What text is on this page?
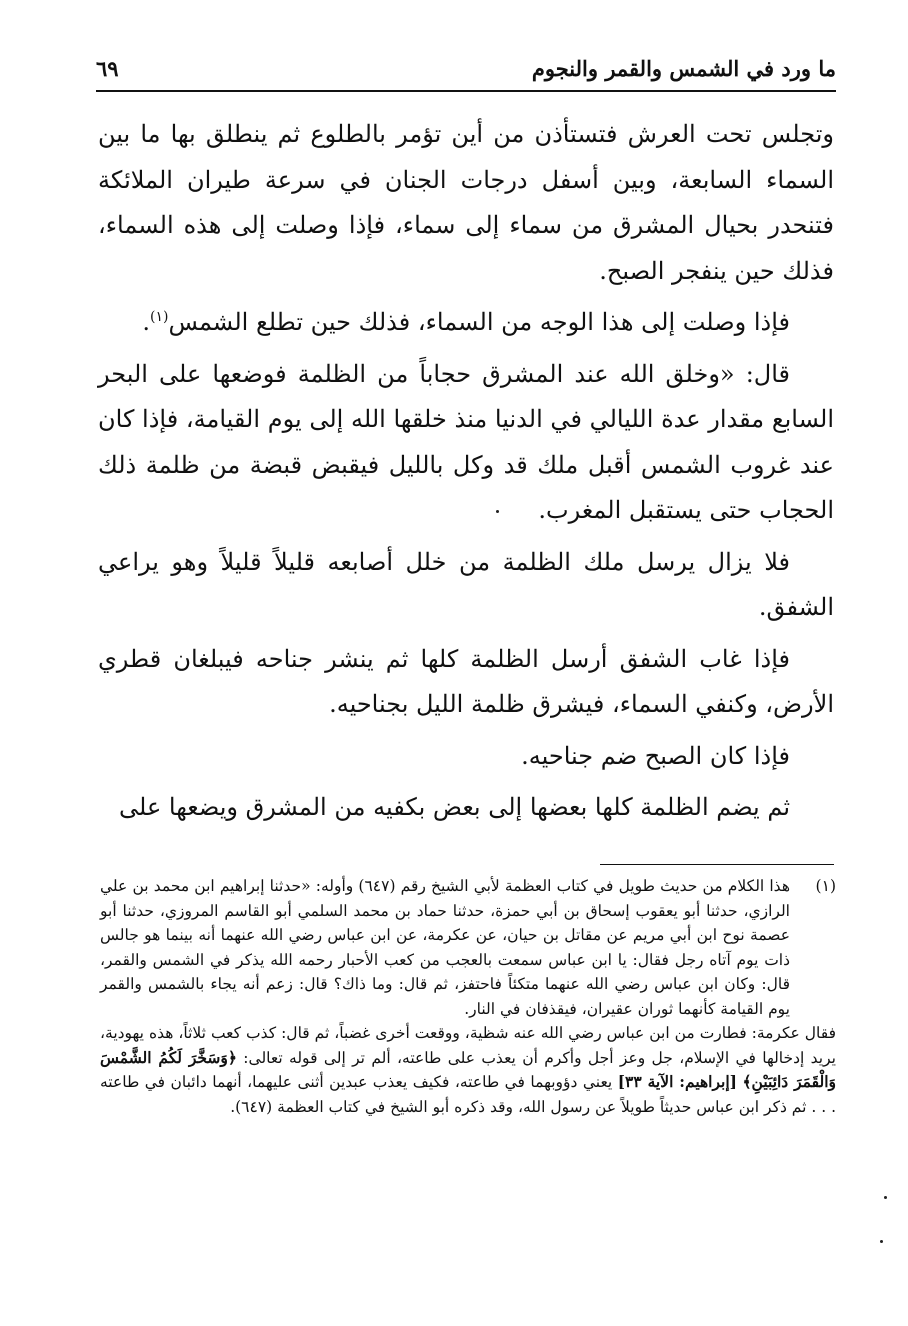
ما ورد في الشمس والقمر والنجوم
٦٩

وتجلس تحت العرش فتستأذن من أين تؤمر بالطلوع ثم ينطلق بها ما بين السماء السابعة، وبين أسفل درجات الجنان في سرعة طيران الملائكة فتنحدر بحيال المشرق من سماء إلى سماء، فإذا وصلت إلى هذه السماء، فذلك حين ينفجر الصبح.

فإذا وصلت إلى هذا الوجه من السماء، فذلك حين تطلع الشمس$^{(١)}$.

قال: «وخلق الله عند المشرق حجاباً من الظلمة فوضعها على البحر السابع مقدار عدة الليالي في الدنيا منذ خلقها الله إلى يوم القيامة، فإذا كان عند غروب الشمس أقبل ملك قد وكل بالليل فيقبض قبضة من ظلمة ذلك الحجاب حتى يستقبل المغرب.

فلا يزال يرسل ملك الظلمة من خلل أصابعه قليلاً قليلاً وهو يراعي الشفق.

فإذا غاب الشفق أرسل الظلمة كلها ثم ينشر جناحه فيبلغان قطري الأرض، وكنفي السماء، فيشرق ظلمة الليل بجناحيه.

فإذا كان الصبح ضم جناحيه.

ثم يضم الظلمة كلها بعضها إلى بعض بكفيه من المشرق ويضعها على

(١)
هذا الكلام من حديث طويل في كتاب العظمة لأبي الشيخ رقم (٦٤٧) وأوله: «حدثنا إبراهيم ابن محمد بن علي الرازي، حدثنا أبو يعقوب إسحاق بن أبي حمزة، حدثنا حماد بن محمد السلمي أبو القاسم المروزي، حدثنا أبو عصمة نوح ابن أبي مريم عن مقاتل بن حيان، عن عكرمة، عن ابن عباس رضي الله عنهما أنه بينما هو جالس ذات يوم آتاه رجل فقال: يا ابن عباس سمعت بالعجب من كعب الأحبار رحمه الله يذكر في الشمس والقمر، قال: وكان ابن عباس رضي الله عنهما متكئاً فاحتفز، ثم قال: وما ذاك؟ قال: زعم أنه يجاء بالشمس والقمر يوم القيامة كأنهما ثوران عقيران، فيقذفان في النار.

فقال عكرمة: فطارت من ابن عباس رضي الله عنه شظية، ووقعت أخرى غضباً، ثم قال: كذب كعب ثلاثاً، هذه يهودية، يريد إدخالها في الإسلام، جل وعز أجل وأكرم أن يعذب على طاعته، ألم تر إلى قوله تعالى: ﴿وَسَخَّرَ لَكُمُ الشَّمْسَ وَالْقَمَرَ دَائِبَيْنِ﴾ [إبراهيم: الآية ٣٣] يعني دؤوبهما في طاعته، فكيف يعذب عبدين أثنى عليهما، أنهما دائبان في طاعته . . . ثم ذكر ابن عباس حديثاً طويلاً عن رسول الله، وقد ذكره أبو الشيخ في كتاب العظمة (٦٤٧).
